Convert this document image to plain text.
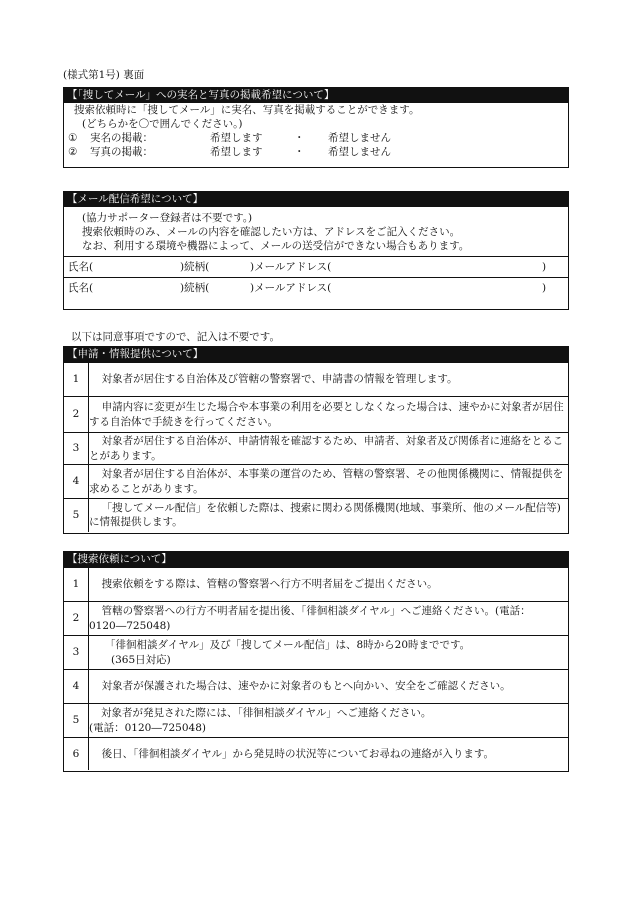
(様式第1号) 裏面
【「捜してメール」への実名と写真の掲載希望について】
捜索依頼時に「捜してメール」に実名、写真を掲載することができます。
(どちらかを〇で囲んでください。)
① 実名の掲載：	希望します	・ 希望しません
② 写真の掲載：	希望します	・ 希望しません
【メール配信希望について】
(協力サポーター登録者は不要です。)
捜索依頼時のみ、メールの内容を確認したい方は、アドレスをご記入ください。
なお、利用する環境や機器によって、メールの送受信ができない場合もあります。
氏名(	)続柄(	)メールアドレス(	)
氏名(	)続柄(	)メールアドレス(	)
以下は同意事項ですので、記入は不要です。
【申請・情報提供について】
1	対象者が居住する自治体及び管轄の警察署で、申請書の情報を管理します。
2	申請内容に変更が生じた場合や本事業の利用を必要としなくなった場合は、速やかに対象者が居住する自治体で手続きを行ってください。
3	対象者が居住する自治体が、申請情報を確認するため、申請者、対象者及び関係者に連絡をとることがあります。
4	対象者が居住する自治体が、本事業の運営のため、管轄の警察署、その他関係機関に、情報提供を求めることがあります。
5	「捜してメール配信」を依頼した際は、捜索に関わる関係機関(地域、事業所、他のメール配信等)に情報提供します。
【捜索依頼について】
1	捜索依頼をする際は、管轄の警察署へ行方不明者届をご提出ください。
2	管轄の警察署への行方不明者届を提出後、「徘徊相談ダイヤル」へご連絡ください。(電話：0120―725048)
3	「徘徊相談ダイヤル」及び「捜してメール配信」は、8時から20時までです。
(365日対応)

4	対象者が保護された場合は、速やかに対象者のもとへ向かい、安全をご確認ください。
5	対象者が発見された際には、「徘徊相談ダイヤル」へご連絡ください。
(電話：0120―725048)

6	後日、「徘徊相談ダイヤル」から発見時の状況等についてお尋ねの連絡が入ります。
